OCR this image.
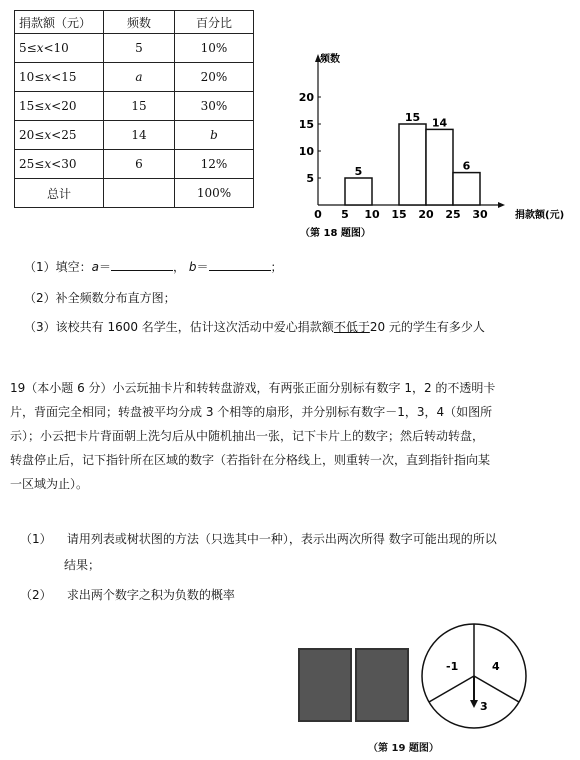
捐款额（元）	频数	百分比
5≤x<10	5	10%
10≤x<15	a	20%
15≤x<20	15	30%
20≤x<25	14	b
25≤x<30	6	12%
总计		100%
频数
捐款额(元)
（第 18 题图）
5
15 14
6
0 5 10 15 20 25 30
5
10
15
20
（1）填空：a＝	， b＝	；
（2）补全频数分布直方图；
（3）该校共有 1600 名学生，估计这次活动中爱心捐款额不低于20 元的学生有多少人
19（本小题 6 分）小云玩抽卡片和转转盘游戏，有两张正面分别标有数字 1，2 的不透明卡
片，背面完全相同；转盘被平均分成 3 个相等的扇形，并分别标有数字－1，3，4（如图所
示）；小云把卡片背面朝上洗匀后从中随机抽出一张，记下卡片上的数字；然后转动转盘，
转盘停止后，记下指针所在区域的数字（若指针在分格线上，则重转一次，直到指针指向某
一区域为止）。
（1） 请用列表或树状图的方法（只选其中一种），表示出两次所得 数字可能出现的所以
结果；
（2） 求出两个数字之积为负数的概率
-1	4
3
（第 19 题图）
